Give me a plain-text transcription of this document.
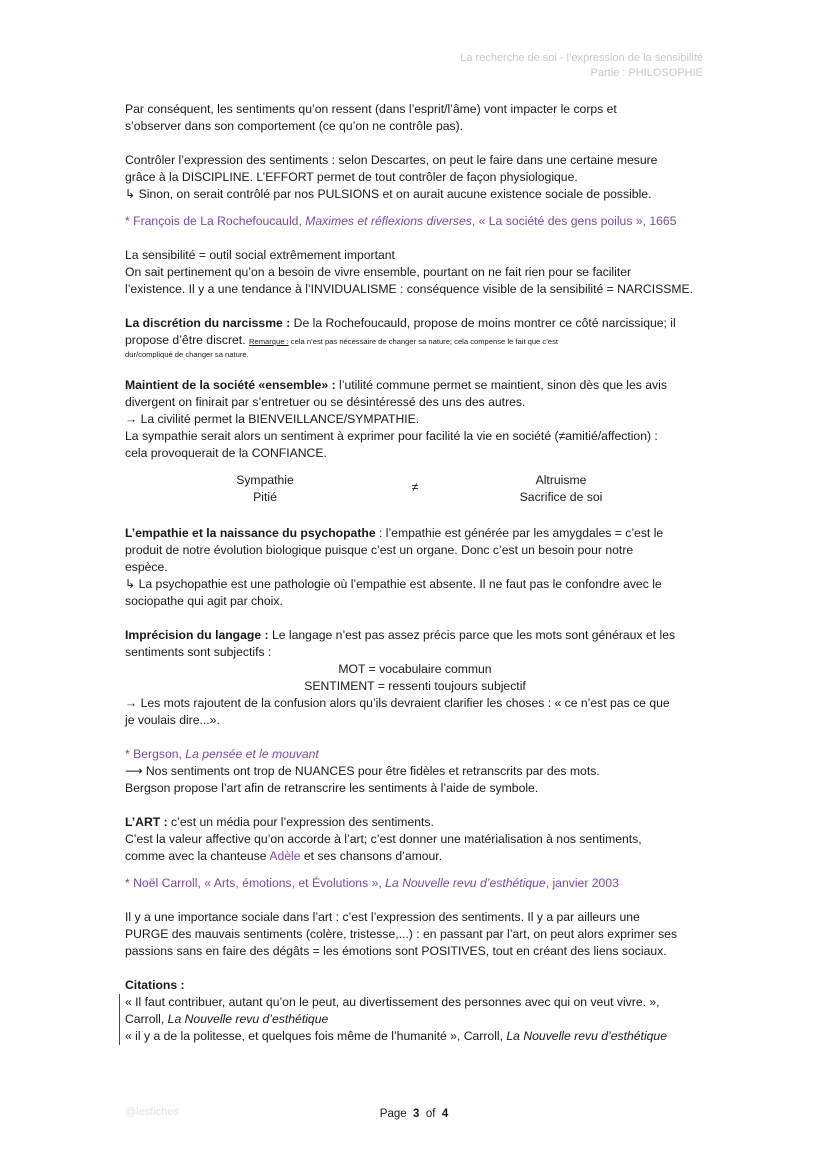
La recherche de soi - l’expression de la sensibilité
Partie : PHILOSOPHIE

Par conséquent, les sentiments qu’on ressent (dans l’esprit/l’âme) vont impacter le corps et

s’observer dans son comportement (ce qu’on ne contrôle pas).

Contrôler l’expression des sentiments : selon Descartes, on peut le faire dans une certaine mesure

grâce à la DISCIPLINE. L’EFFORT permet de tout contrôler de façon physiologique.

↳ Sinon, on serait contrôlé par nos PULSIONS et on aurait aucune existence sociale de possible.

* François de La Rochefoucauld, Maximes et réflexions diverses, « La société des gens poilus », 1665

La sensibilité = outil social extrêmement important

On sait pertinement qu’on a besoin de vivre ensemble, pourtant on ne fait rien pour se faciliter

l’existence. Il y a une tendance à l’INVIDUALISME : conséquence visible de la sensibilité = NARCISSME.

La discrétion du narcissme : De la Rochefoucauld, propose de moins montrer ce côté narcissique; il

propose d’être discret. Remarque : cela n’est pas nécessaire de changer sa nature; cela compense le fait que c’est

dur/compliqué de changer sa nature.

Maintient de la société «ensemble» : l’utilité commune permet se maintient, sinon dès que les avis

divergent on finirait par s’entretuer ou se désintéressé des uns des autres.

→ La civilité permet la BIENVEILLANCE/SYMPATHIE.

La sympathie serait alors un sentiment à exprimer pour facilité la vie en société (≠amitié/affection) :

cela provoquerait de la CONFIANCE.

Sympathie
Pitié
≠	Altruisme
Sacrifice de soi

L’empathie et la naissance du psychopathe : l’empathie est générée par les amygdales = c’est le

produit de notre évolution biologique puisque c’est un organe. Donc c’est un besoin pour notre

espèce.

↳ La psychopathie est une pathologie où l’empathie est absente. Il ne faut pas le confondre avec le

sociopathe qui agit par choix.

Imprécision du langage : Le langage n’est pas assez précis parce que les mots sont généraux et les

sentiments sont subjectifs :

MOT = vocabulaire commun

SENTIMENT = ressenti toujours subjectif

→ Les mots rajoutent de la confusion alors qu’ils devraient clarifier les choses : « ce n’est pas ce que

je voulais dire...».

* Bergson, La pensée et le mouvant

⟶ Nos sentiments ont trop de NUANCES pour être fidèles et retranscrits par des mots.

Bergson propose l’art afin de retranscrire les sentiments à l’aide de symbole.

L’ART : c’est un média pour l’expression des sentiments.

C’est la valeur affective qu’on accorde à l’art; c’est donner une matérialisation à nos sentiments,

comme avec la chanteuse Adèle et ses chansons d’amour.

* Noël Carroll, « Arts, émotions, et Évolutions », La Nouvelle revu d’esthétique, janvier 2003

Il y a une importance sociale dans l’art : c’est l’expression des sentiments. Il y a par ailleurs une

PURGE des mauvais sentiments (colère, tristesse,...) : en passant par l’art, on peut alors exprimer ses

passions sans en faire des dégâts = les émotions sont POSITIVES, tout en créant des liens sociaux.

Citations :

« Il faut contribuer, autant qu’on le peut, au divertissement des personnes avec qui on veut vivre. »,

Carroll, La Nouvelle revu d’esthétique

« il y a de la politesse, et quelques fois même de l’humanité », Carroll, La Nouvelle revu d’esthétique

@lesfiches	Page 3 of 4
